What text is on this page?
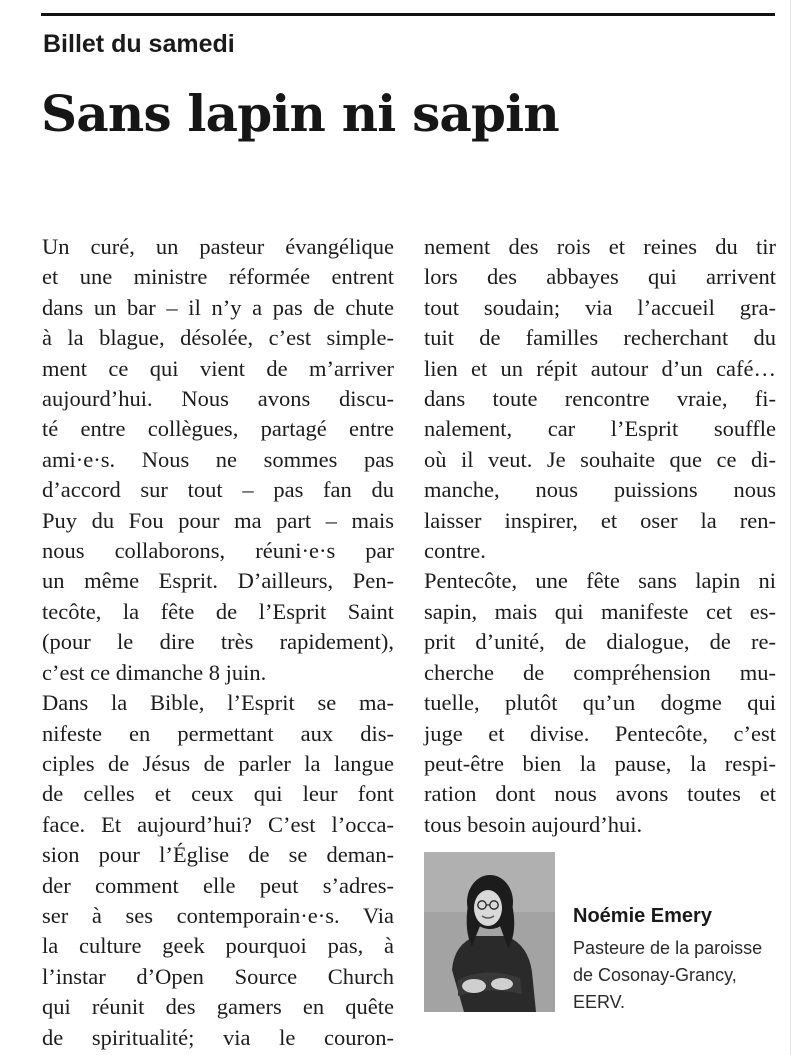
Billet du samedi
Sans lapin ni sapin
Un curé, un pasteur évangélique
et une ministre réformée entrent
dans un bar – il n’y a pas de chute
à la blague, désolée, c’est simple-
ment ce qui vient de m’arriver
aujourd’hui. Nous avons discu-
té entre collègues, partagé entre
ami·e·s. Nous ne sommes pas
d’accord sur tout – pas fan du
Puy du Fou pour ma part – mais
nous collaborons, réuni·e·s par
un même Esprit. D’ailleurs, Pen-
tecôte, la fête de l’Esprit Saint
(pour le dire très rapidement),
c’est ce dimanche 8 juin.
Dans la Bible, l’Esprit se ma-
nifeste en permettant aux dis-
ciples de Jésus de parler la langue
de celles et ceux qui leur font
face. Et aujourd’hui? C’est l’occa-
sion pour l’Église de se deman-
der comment elle peut s’adres-
ser à ses contemporain·e·s. Via
la culture geek pourquoi pas, à
l’instar d’Open Source Church
qui réunit des gamers en quête
de spiritualité; via le couron-
nement des rois et reines du tir
lors des abbayes qui arrivent
tout soudain; via l’accueil gra-
tuit de familles recherchant du
lien et un répit autour d’un café…
dans toute rencontre vraie, fi-
nalement, car l’Esprit souffle
où il veut. Je souhaite que ce di-
manche, nous puissions nous
laisser inspirer, et oser la ren-
contre.
Pentecôte, une fête sans lapin ni
sapin, mais qui manifeste cet es-
prit d’unité, de dialogue, de re-
cherche de compréhension mu-
tuelle, plutôt qu’un dogme qui
juge et divise. Pentecôte, c’est
peut-être bien la pause, la respi-
ration dont nous avons toutes et
tous besoin aujourd’hui.

Noémie Emery

Pasteure de la paroisse
de Cosonay-Grancy,
EERV.
